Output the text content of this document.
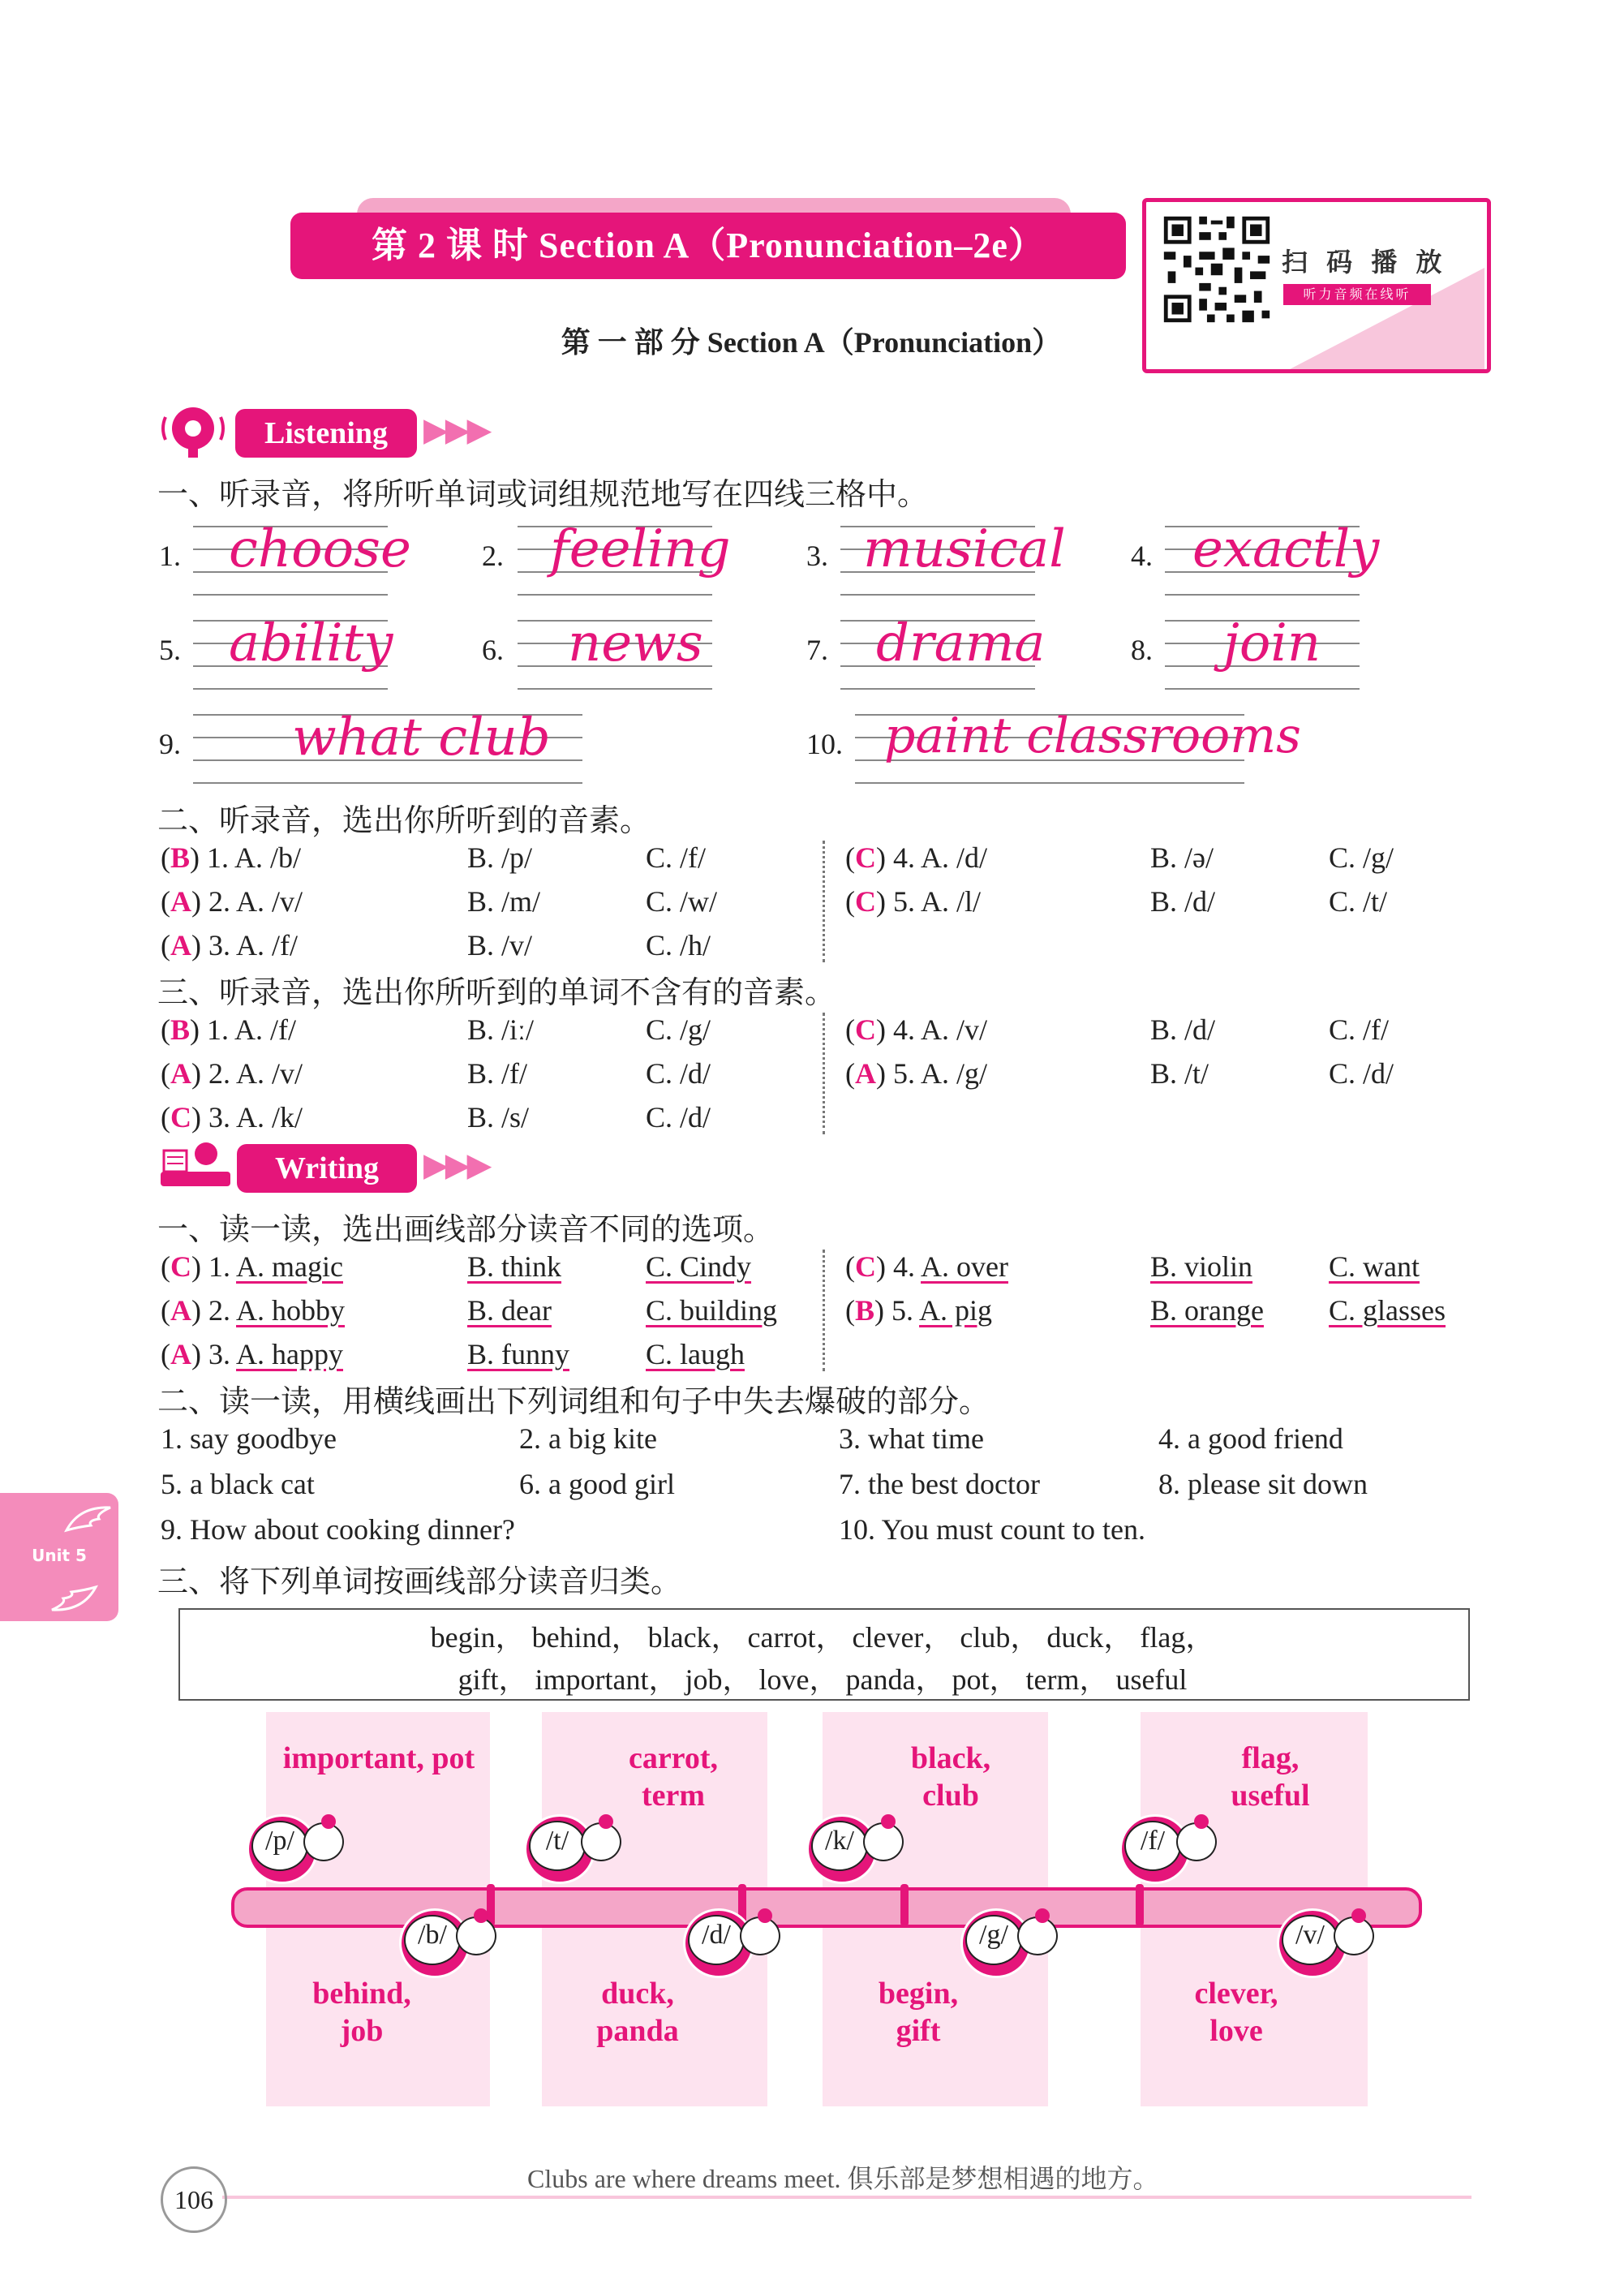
第 2 课 时 Section A（Pronunciation–2e）
第 一 部 分 Section A（Pronunciation）
扫 码 播 放
听力音频在线听
Listening	▶▶▶
一、听录音，将所听单词或词组规范地写在四线三格中。
1. choose 2. feeling	3. musical 4. exactly
5. ability	6. news	7. drama	8. join
9. what club	10. paint classrooms
二、听录音，选出你所听到的音素。
(B) 1. A. /b/	B. /p/	C. /f/
(A) 2. A. /v/	B. /m/	C. /w/
(A) 3. A. /f/	B. /v/	C. /h/
(C) 4. A. /d/	B. /ə/	C. /g/
(C) 5. A. /l/	B. /d/	C. /t/
三、听录音，选出你所听到的单词不含有的音素。
(B) 1. A. /f/	B. /iː/	C. /g/
(A) 2. A. /v/	B. /f/	C. /d/
(C) 3. A. /k/	B. /s/	C. /d/
(C) 4. A. /v/	B. /d/	C. /f/
(A) 5. A. /g/	B. /t/	C. /d/
Writing	▶▶▶
一、读一读，选出画线部分读音不同的选项。
(C) 1. A. magic	B. think	C. Cindy
(A) 2. A. hobby	B. dear	C. building
(A) 3. A. happy	B. funny	C. laugh
(C) 4. A. over	B. violin	C. want
(B) 5. A. pig	B. orange C. glasses
二、读一读，用横线画出下列词组和句子中失去爆破的部分。
1. say goodbye	2. a big kite	3. what time	4. a good friend
5. a black cat	6. a good girl	7. the best doctor	8. please sit down
9. How about cooking dinner?	10. You must count to ten.
三、将下列单词按画线部分读音归类。
begin， behind， black， carrot， clever， club， duck， flag，
gift， important， job， love， panda， pot， term， useful
important, pot	carrot,
term
black,
club
flag,
useful
behind,
job
duck,
panda
begin,
gift
clever,
love
/p/	/t/	/k/	/f/
/b/	/d/	/g/	/v/
Unit 5
106
Clubs are where dreams meet. 俱乐部是梦想相遇的地方。
